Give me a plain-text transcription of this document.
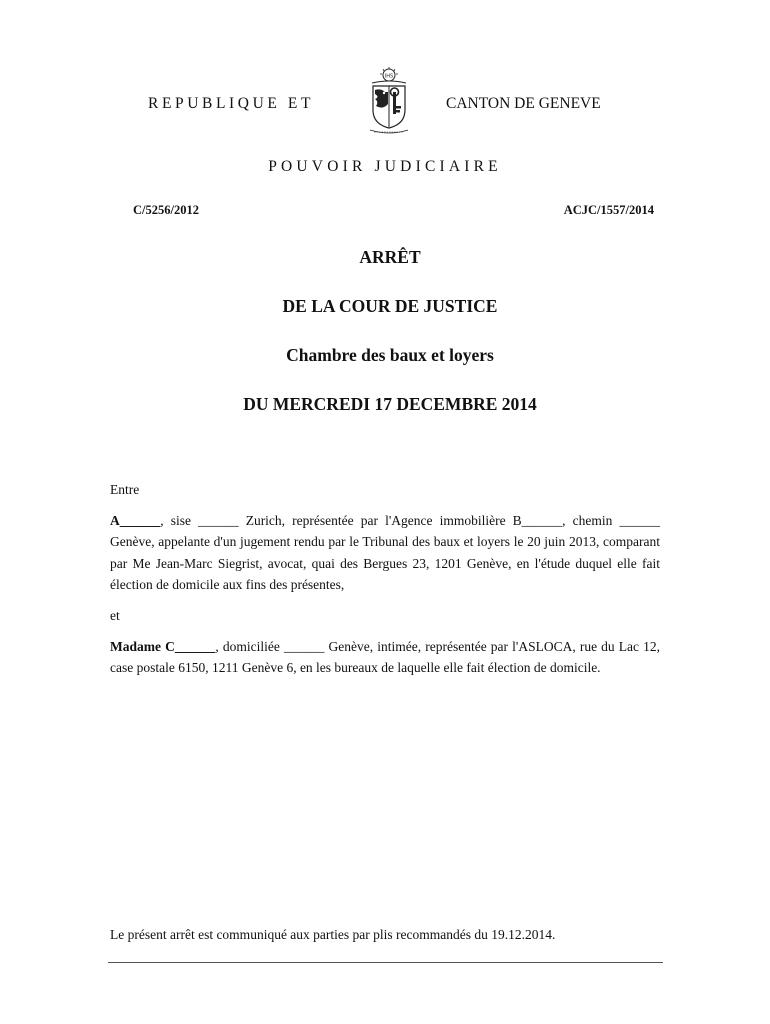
REPUBLIQUE ET
IHS
CANTON DE GENEVE
POUVOIR JUDICIAIRE
C/5256/2012	ACJC/1557/2014
ARRÊT
DE LA COUR DE JUSTICE
Chambre des baux et loyers
DU MERCREDI 17 DECEMBRE 2014
Entre
A______, sise ______ Zurich, représentée par l'Agence immobilière B______, chemin ______ Genève, appelante d'un jugement rendu par le Tribunal des baux et loyers le 20 juin 2013, comparant par Me Jean-Marc Siegrist, avocat, quai des Bergues 23, 1201 Genève, en l'étude duquel elle fait élection de domicile aux fins des présentes,
et
Madame C______, domiciliée ______ Genève, intimée, représentée par l'ASLOCA, rue du Lac 12, case postale 6150, 1211 Genève 6, en les bureaux de laquelle elle fait élection de domicile.
Le présent arrêt est communiqué aux parties par plis recommandés du 19.12.2014.
